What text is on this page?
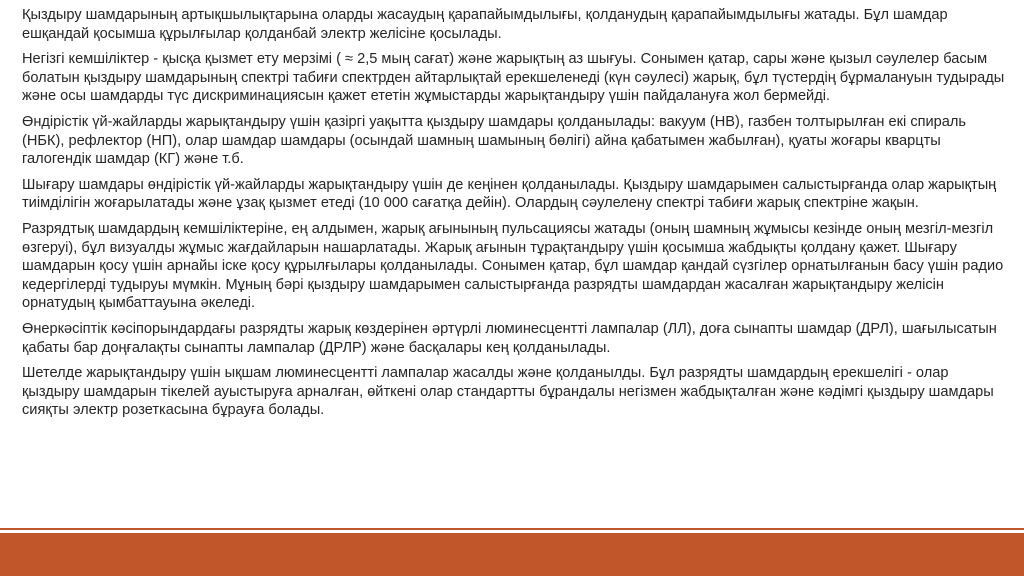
Қыздыру шамдарының артықшылықтарына оларды жасаудың қарапайымдылығы, қолданудың қарапайымдылығы жатады. Бұл шамдар ешқандай қосымша құрылғылар қолданбай электр желісіне қосылады.

Негізгі кемшіліктер - қысқа қызмет ету мерзімі ( ≈ 2,5 мың сағат) және жарықтың аз шығуы. Сонымен қатар, сары және қызыл сәулелер басым болатын қыздыру шамдарының спектрі табиғи спектрден айтарлықтай ерекшеленеді (күн сәулесі) жарық, бұл түстердің бұрмалануын тудырады және осы шамдарды түс дискриминациясын қажет ететін жұмыстарды жарықтандыру үшін пайдалануға жол бермейді.

Өндірістік үй-жайларды жарықтандыру үшін қазіргі уақытта қыздыру шамдары қолданылады: вакуум (НВ), газбен толтырылған екі спираль (НБК), рефлектор (НП), олар шамдар шамдары (осындай шамның шамының бөлігі) айна қабатымен жабылған), қуаты жоғары кварцты галогендік шамдар (КГ) және т.б.

Шығару шамдары өндірістік үй-жайларды жарықтандыру үшін де кеңінен қолданылады. Қыздыру шамдарымен салыстырғанда олар жарықтың тиімділігін жоғарылатады және ұзақ қызмет етеді (10 000 сағатқа дейін). Олардың сәулелену спектрі табиғи жарық спектріне жақын.

Разрядтық шамдардың кемшіліктеріне, ең алдымен, жарық ағынының пульсациясы жатады (оның шамның жұмысы кезінде оның мезгіл-мезгіл өзгеруі), бұл визуалды жұмыс жағдайларын нашарлатады. Жарық ағынын тұрақтандыру үшін қосымша жабдықты қолдану қажет. Шығару шамдарын қосу үшін арнайы іске қосу құрылғылары қолданылады. Сонымен қатар, бұл шамдар қандай сүзгілер орнатылғанын басу үшін радио кедергілерді тудыруы мүмкін. Мұның бәрі қыздыру шамдарымен салыстырғанда разрядты шамдардан жасалған жарықтандыру желісін орнатудың қымбаттауына әкеледі.

Өнеркәсіптік кәсіпорындардағы разрядты жарық көздерінен әртүрлі люминесцентті лампалар (ЛЛ), доға сынапты шамдар (ДРЛ), шағылысатын қабаты бар доңғалақты сынапты лампалар (ДРЛР) және басқалары кең қолданылады.

Шетелде жарықтандыру үшін ықшам люминесцентті лампалар жасалды және қолданылды. Бұл разрядты шамдардың ерекшелігі - олар қыздыру шамдарын тікелей ауыстыруға арналған, өйткені олар стандартты бұрандалы негізмен жабдықталған және кәдімгі қыздыру шамдары сияқты электр розеткасына бұрауға болады.
